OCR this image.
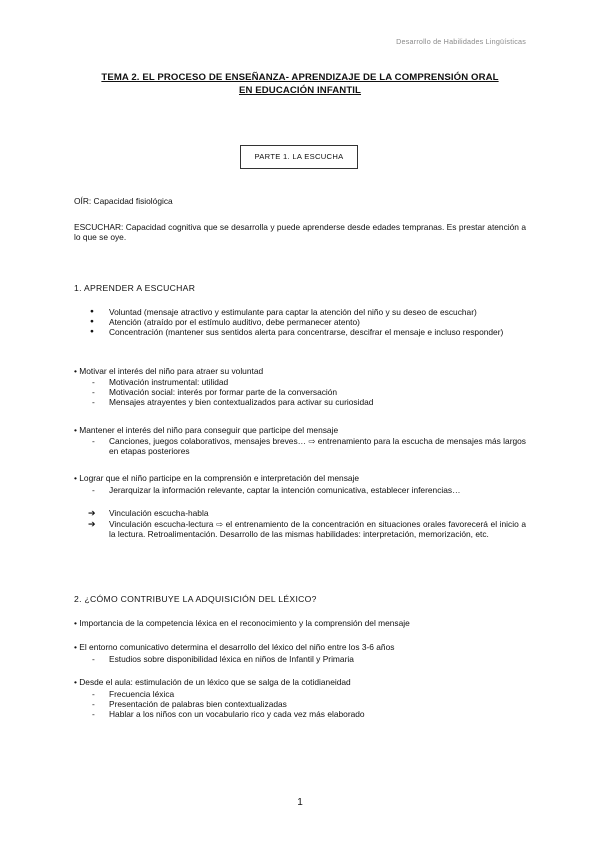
Desarrollo de Habilidades Lingüísticas
TEMA 2. EL PROCESO DE ENSEÑANZA- APRENDIZAJE DE LA COMPRENSIÓN ORAL
EN EDUCACIÓN INFANTIL
PARTE 1. LA ESCUCHA
OÍR: Capacidad fisiológica
ESCUCHAR: Capacidad cognitiva que se desarrolla y puede aprenderse desde edades tempranas. Es prestar atención a lo que se oye.
1. APRENDER A ESCUCHAR
● Voluntad (mensaje atractivo y estimulante para captar la atención del niño y su deseo de escuchar)
● Atención (atraído por el estímulo auditivo, debe permanecer atento)
● Concentración (mantener sus sentidos alerta para concentrarse, descifrar el mensaje e incluso responder)
• Motivar el interés del niño para atraer su voluntad
- Motivación instrumental: utilidad
- Motivación social: interés por formar parte de la conversación
- Mensajes atrayentes y bien contextualizados para activar su curiosidad
• Mantener el interés del niño para conseguir que participe del mensaje
- Canciones, juegos colaborativos, mensajes breves… ⇨ entrenamiento para la escucha de mensajes más largos en etapas posteriores
• Lograr que el niño participe en la comprensión e interpretación del mensaje
- Jerarquizar la información relevante, captar la intención comunicativa, establecer inferencias…
➔ Vinculación escucha-habla
➔ Vinculación escucha-lectura ⇨ el entrenamiento de la concentración en situaciones orales favorecerá el inicio a la lectura. Retroalimentación. Desarrollo de las mismas habilidades: interpretación, memorización, etc.
2. ¿CÓMO CONTRIBUYE LA ADQUISICIÓN DEL LÉXICO?
• Importancia de la competencia léxica en el reconocimiento y la comprensión del mensaje
• El entorno comunicativo determina el desarrollo del léxico del niño entre los 3-6 años
- Estudios sobre disponibilidad léxica en niños de Infantil y Primaria
• Desde el aula: estimulación de un léxico que se salga de la cotidianeidad
- Frecuencia léxica
- Presentación de palabras bien contextualizadas
- Hablar a los niños con un vocabulario rico y cada vez más elaborado
1
